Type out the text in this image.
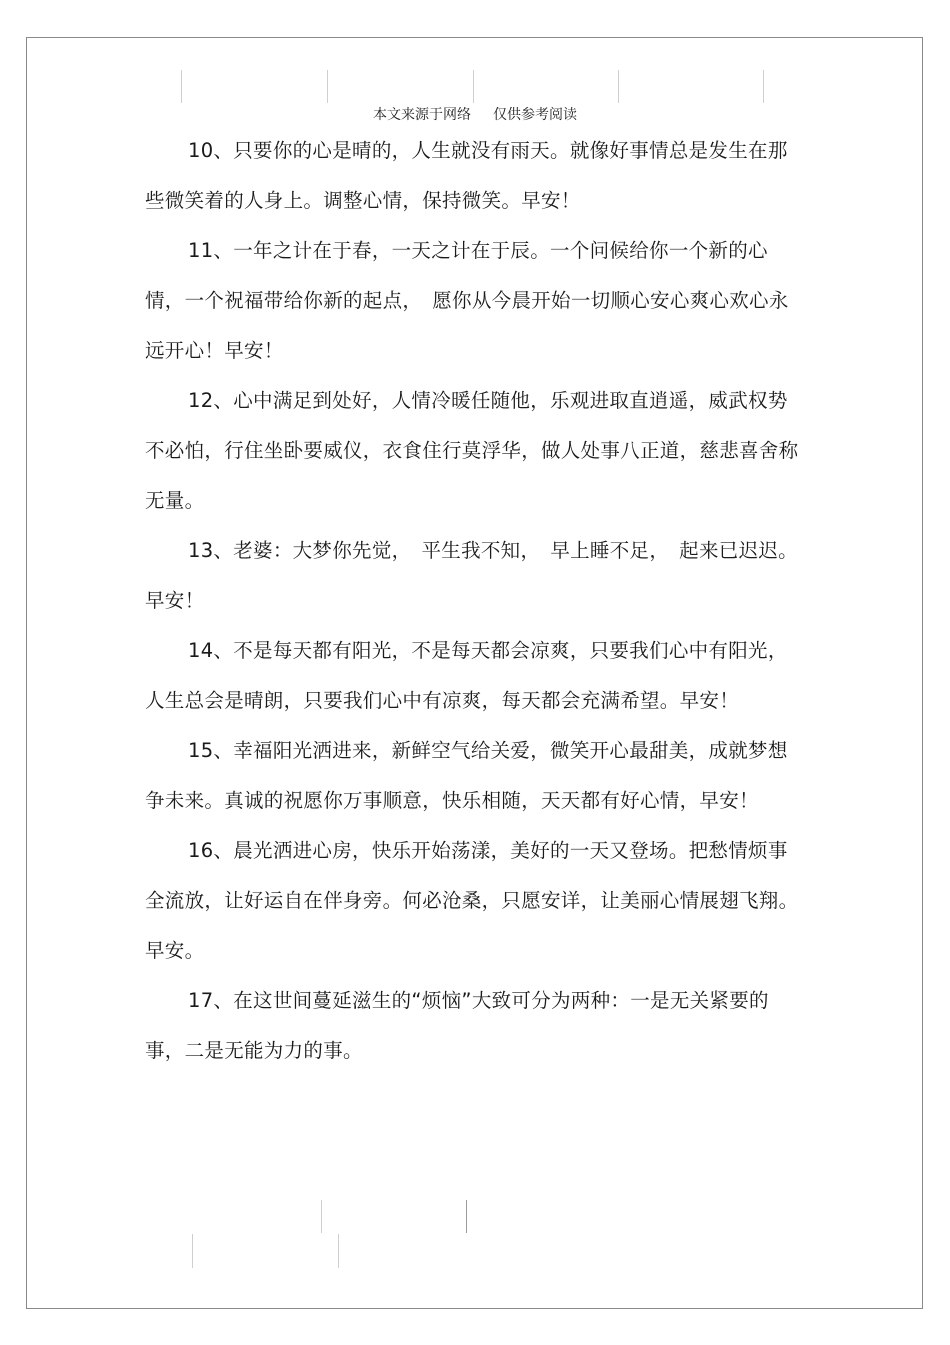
本文来源于网络 仅供参考阅读

10、只要你的心是晴的，人生就没有雨天。就像好事情总是发生在那些微笑着的人身上。调整心情，保持微笑。早安！

11、一年之计在于春，一天之计在于辰。一个问候给你一个新的心情，一个祝福带给你新的起点，　愿你从今晨开始一切顺心安心爽心欢心永远开心！早安！

12、心中满足到处好，人情冷暖任随他，乐观进取直逍遥，威武权势不必怕，行住坐卧要威仪，衣食住行莫浮华，做人处事八正道，慈悲喜舍称无量。

13、老婆：大梦你先觉，　平生我不知，　早上睡不足，　起来已迟迟。早安！

14、不是每天都有阳光，不是每天都会凉爽，只要我们心中有阳光，人生总会是晴朗，只要我们心中有凉爽，每天都会充满希望。早安！

15、幸福阳光洒进来，新鲜空气给关爱，微笑开心最甜美，成就梦想争未来。真诚的祝愿你万事顺意，快乐相随，天天都有好心情，早安！

16、晨光洒进心房，快乐开始荡漾，美好的一天又登场。把愁情烦事全流放，让好运自在伴身旁。何必沧桑，只愿安详，让美丽心情展翅飞翔。早安。

17、在这世间蔓延滋生的“烦恼”大致可分为两种：一是无关紧要的事，二是无能为力的事。
